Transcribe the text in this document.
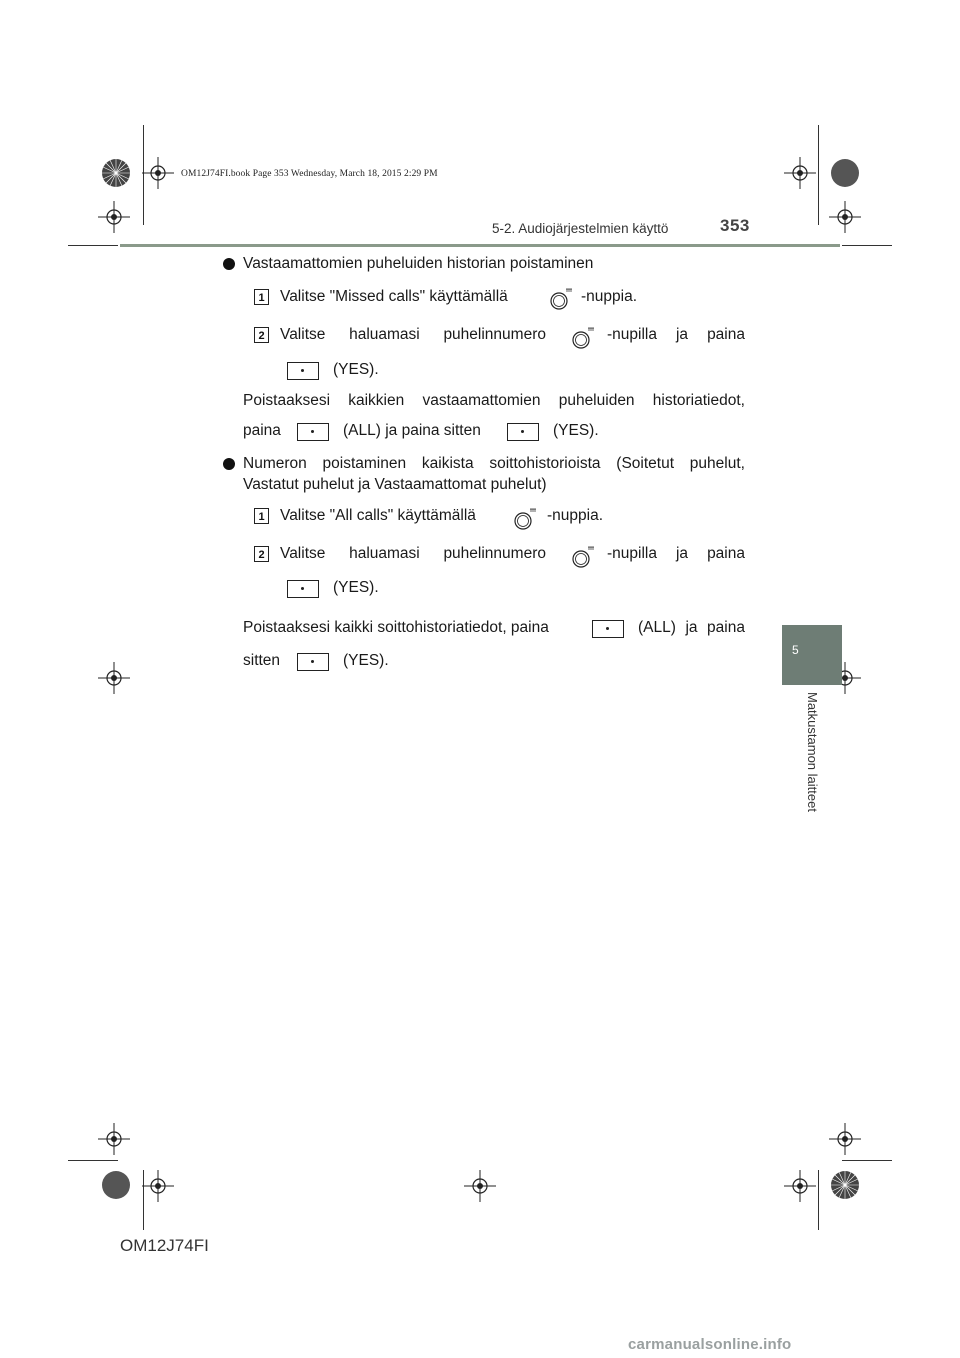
OM12J74FI.book Page 353 Wednesday, March 18, 2015 2:29 PM
5-2. Audiojärjestelmien käyttö	353
5
Matkustamon laitteet
Vastaamattomien puheluiden historian poistaminen
1 Valitse "Missed calls" käyttämällä	-nuppia.
2 Valitse haluamasi puhelinnumero	-nupilla ja paina
(YES).
Poistaaksesi kaikkien vastaamattomien puheluiden historiatiedot,
paina	(ALL) ja paina sitten	(YES).
Numeron poistaminen kaikista soittohistorioista (Soitetut puhelut,
Vastatut puhelut ja Vastaamattomat puhelut)
1 Valitse "All calls" käyttämällä	-nuppia.
2 Valitse haluamasi puhelinnumero	-nupilla ja paina
(YES).
Poistaaksesi kaikki soittohistoriatiedot, paina	(ALL) ja paina
sitten	(YES).
OM12J74FI
carmanualsonline.info
